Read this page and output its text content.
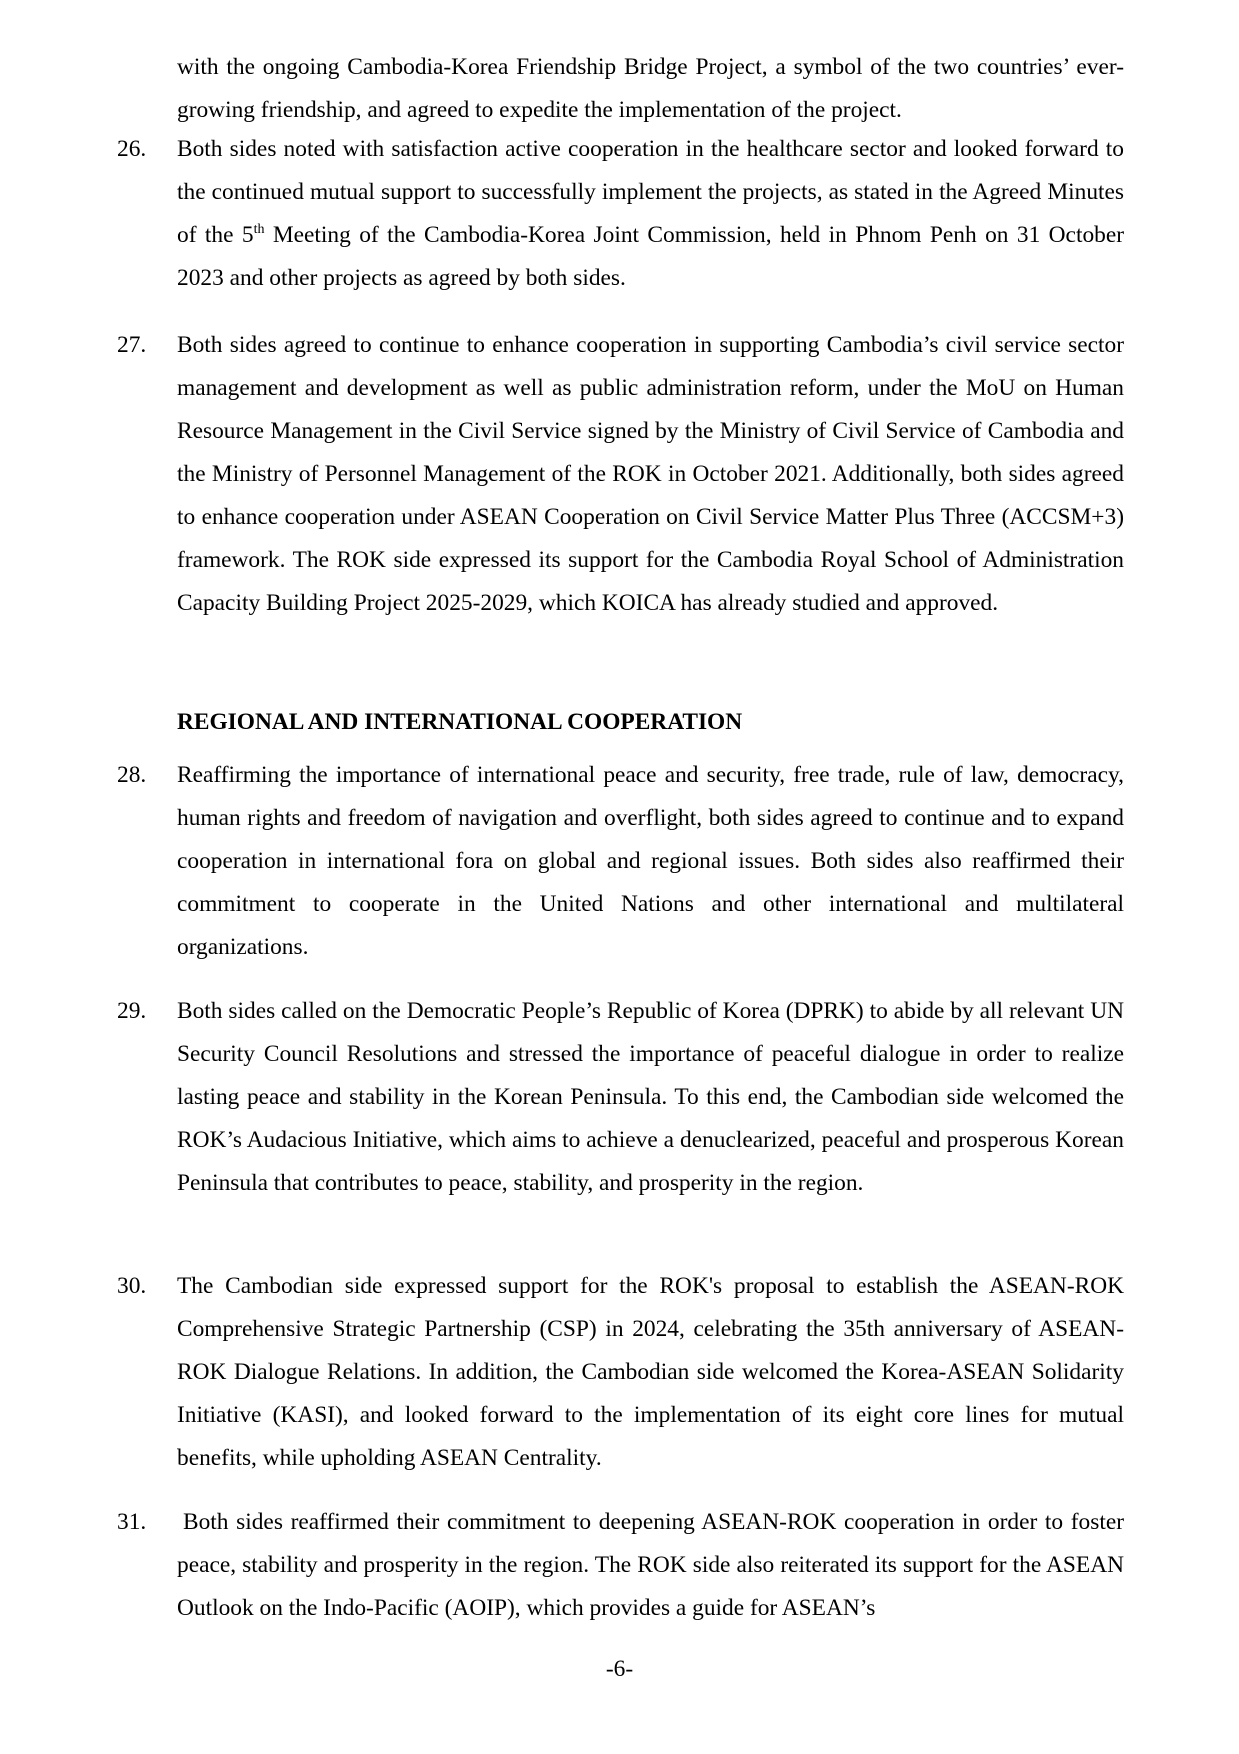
with the ongoing Cambodia-Korea Friendship Bridge Project, a symbol of the two countries’ ever-growing friendship, and agreed to expedite the implementation of the project.

26. Both sides noted with satisfaction active cooperation in the healthcare sector and looked forward to the continued mutual support to successfully implement the projects, as stated in the Agreed Minutes of the 5th Meeting of the Cambodia-Korea Joint Commission, held in Phnom Penh on 31 October 2023 and other projects as agreed by both sides.

27. Both sides agreed to continue to enhance cooperation in supporting Cambodia’s civil service sector management and development as well as public administration reform, under the MoU on Human Resource Management in the Civil Service signed by the Ministry of Civil Service of Cambodia and the Ministry of Personnel Management of the ROK in October 2021. Additionally, both sides agreed to enhance cooperation under ASEAN Cooperation on Civil Service Matter Plus Three (ACCSM+3) framework. The ROK side expressed its support for the Cambodia Royal School of Administration Capacity Building Project 2025-2029, which KOICA has already studied and approved.

REGIONAL AND INTERNATIONAL COOPERATION

28. Reaffirming the importance of international peace and security, free trade, rule of law, democracy, human rights and freedom of navigation and overflight, both sides agreed to continue and to expand cooperation in international fora on global and regional issues. Both sides also reaffirmed their commitment to cooperate in the United Nations and other international and multilateral organizations.

29. Both sides called on the Democratic People’s Republic of Korea (DPRK) to abide by all relevant UN Security Council Resolutions and stressed the importance of peaceful dialogue in order to realize lasting peace and stability in the Korean Peninsula. To this end, the Cambodian side welcomed the ROK’s Audacious Initiative, which aims to achieve a denuclearized, peaceful and prosperous Korean Peninsula that contributes to peace, stability, and prosperity in the region.

30. The Cambodian side expressed support for the ROK's proposal to establish the ASEAN-ROK Comprehensive Strategic Partnership (CSP) in 2024, celebrating the 35th anniversary of ASEAN-ROK Dialogue Relations. In addition, the Cambodian side welcomed the Korea-ASEAN Solidarity Initiative (KASI), and looked forward to the implementation of its eight core lines for mutual benefits, while upholding ASEAN Centrality.

31. Both sides reaffirmed their commitment to deepening ASEAN-ROK cooperation in order to foster peace, stability and prosperity in the region. The ROK side also reiterated its support for the ASEAN Outlook on the Indo-Pacific (AOIP), which provides a guide for ASEAN’s

-6-
